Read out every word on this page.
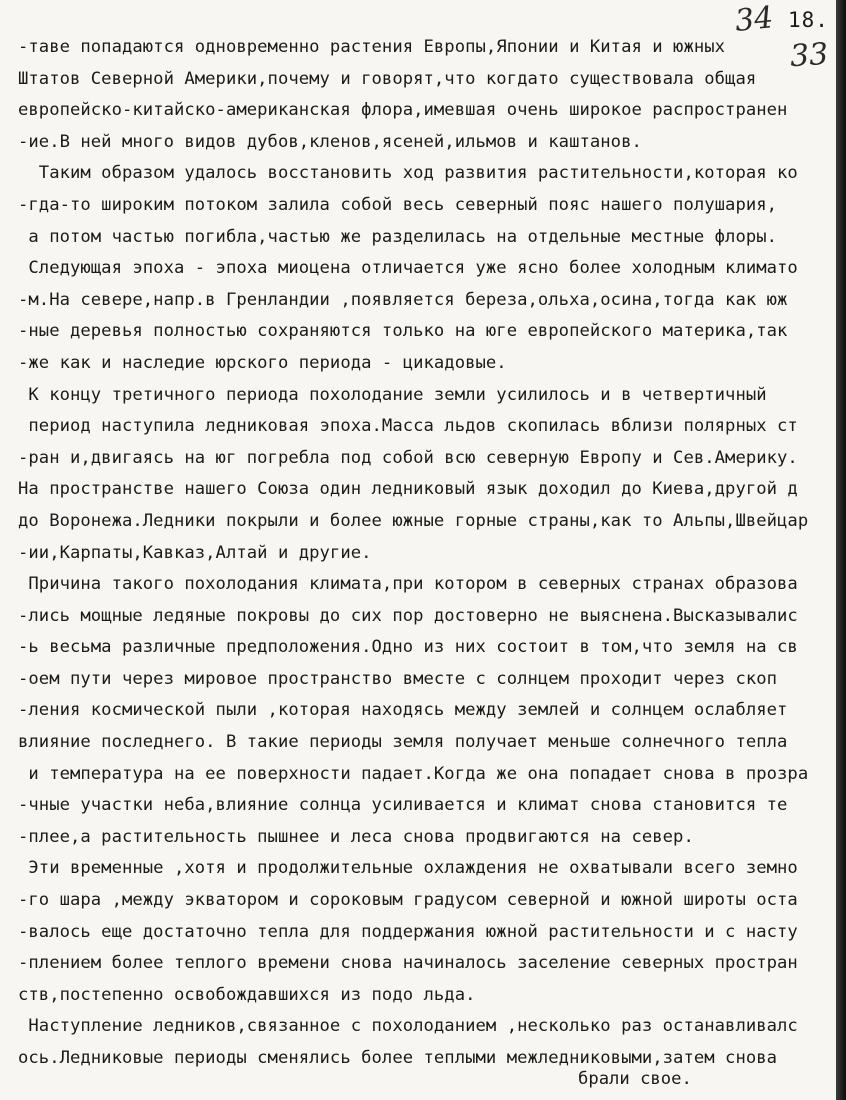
34 18.
33
-таве попадаются одновременно растения Европы,Японии и Китая и южных
Штатов Северной Америки,почему и говорят,что когдато существовала общая
европейско-китайско-американская флора,имевшая очень широкое распространен
-ие.В ней много видов дубов,кленов,ясеней,ильмов и каштанов.
Таким образом удалось восстановить ход развития растительности,которая ко
-гда-то широким потоком залила собой весь северный пояс нашего полушария,
а потом частью погибла,частью же разделилась на отдельные местные флоры.
Следующая эпоха - эпоха миоцена отличается уже ясно более холодным климато
-м.На севере,напр.в Гренландии ,появляется береза,ольха,осина,тогда как юж
-ные деревья полностью сохраняются только на юге европейского материка,так
-же как и наследие юрского периода - цикадовые.
К концу третичного периода похолодание земли усилилось и в четвертичный
период наступила ледниковая эпоха.Масса льдов скопилась вблизи полярных ст
-ран и,двигаясь на юг погребла под собой всю северную Европу и Сев.Америку.
На пространстве нашего Союза один ледниковый язык доходил до Киева,другой д
до Воронежа.Ледники покрыли и более южные горные страны,как то Альпы,Швейцар
-ии,Карпаты,Кавказ,Алтай и другие.
Причина такого похолодания климата,при котором в северных странах образова
-лись мощные ледяные покровы до сих пор достоверно не выяснена.Высказывалис
-ь весьма различные предположения.Одно из них состоит в том,что земля на св
-оем пути через мировое пространство вместе с солнцем проходит через скоп
-ления космической пыли ,которая находясь между землей и солнцем ослабляет
влияние последнего. В такие периоды земля получает меньше солнечного тепла
и температура на ее поверхности падает.Когда же она попадает снова в прозра
-чные участки неба,влияние солнца усиливается и климат снова становится те
-плее,а растительность пышнее и леса снова продвигаются на север.
Эти временные ,хотя и продолжительные охлаждения не охватывали всего земно
-го шара ,между экватором и сороковым градусом северной и южной широты оста
-валось еще достаточно тепла для поддержания южной растительности и с насту
-плением более теплого времени снова начиналось заселение северных простран
ств,постепенно освобождавшихся из подо льда.
Наступление ледников,связанное с похолоданием ,несколько раз останавливалс
ось.Ледниковые периоды сменялись более теплыми межледниковыми,затем снова
брали свое.
